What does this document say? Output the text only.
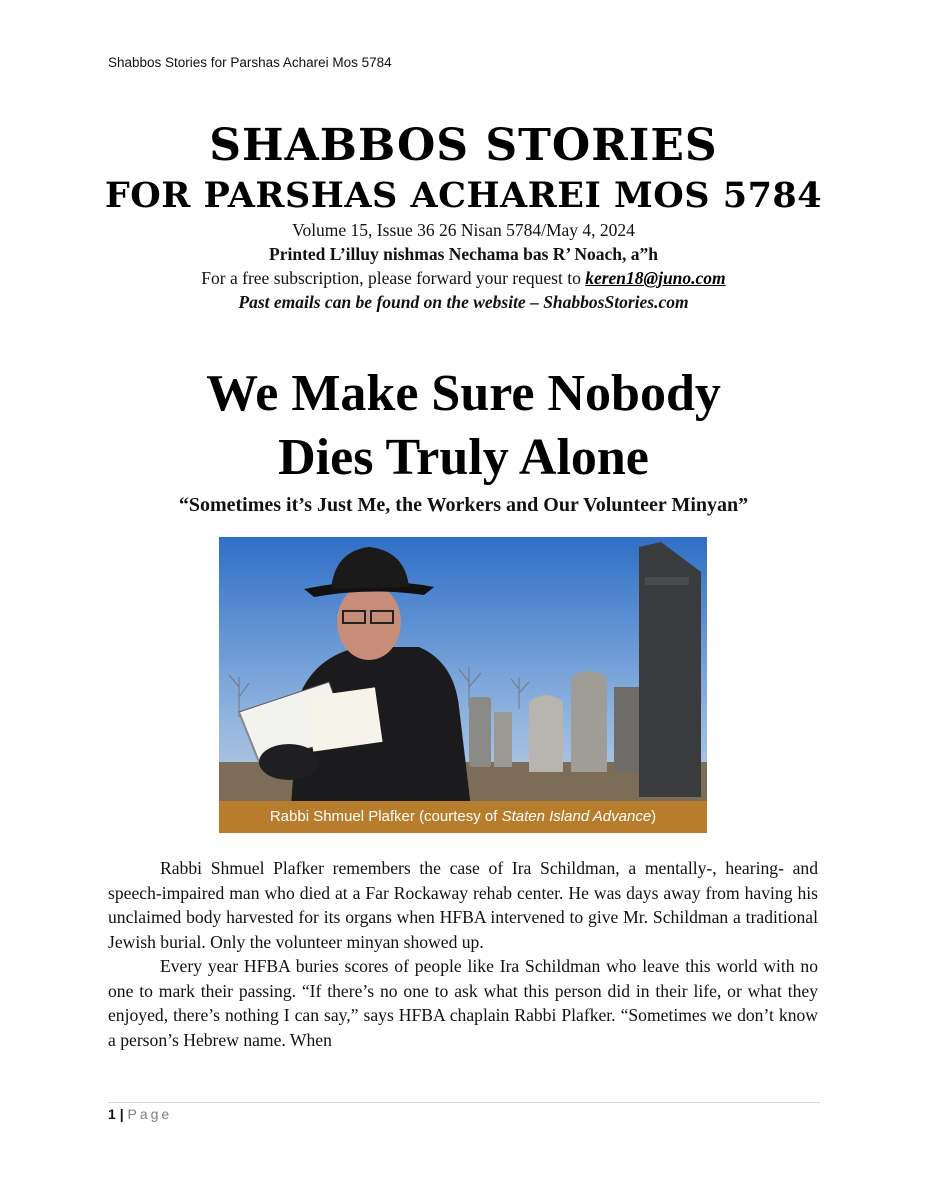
Shabbos Stories for Parshas Acharei Mos 5784

SHABBOS STORIES

FOR PARSHAS ACHAREI MOS 5784

Volume 15, Issue 36 26 Nisan 5784/May 4, 2024

Printed L’illuy nishmas Nechama bas R’ Noach, a”h

For a free subscription, please forward your request to keren18@juno.com

Past emails can be found on the website – ShabbosStories.com

We Make Sure Nobody
Dies Truly Alone

“Sometimes it’s Just Me, the Workers and Our Volunteer Minyan”

Rabbi Shmuel Plafker (courtesy of Staten Island Advance)

Rabbi Shmuel Plafker remembers the case of Ira Schildman, a mentally-, hearing- and speech-impaired man who died at a Far Rockaway rehab center. He was days away from having his unclaimed body harvested for its organs when HFBA intervened to give Mr. Schildman a traditional Jewish burial. Only the volunteer minyan showed up.

Every year HFBA buries scores of people like Ira Schildman who leave this world with no one to mark their passing. “If there’s no one to ask what this person did in their life, or what they enjoyed, there’s nothing I can say,” says HFBA chaplain Rabbi Plafker. “Sometimes we don’t know a person’s Hebrew name. When

1 | Page
